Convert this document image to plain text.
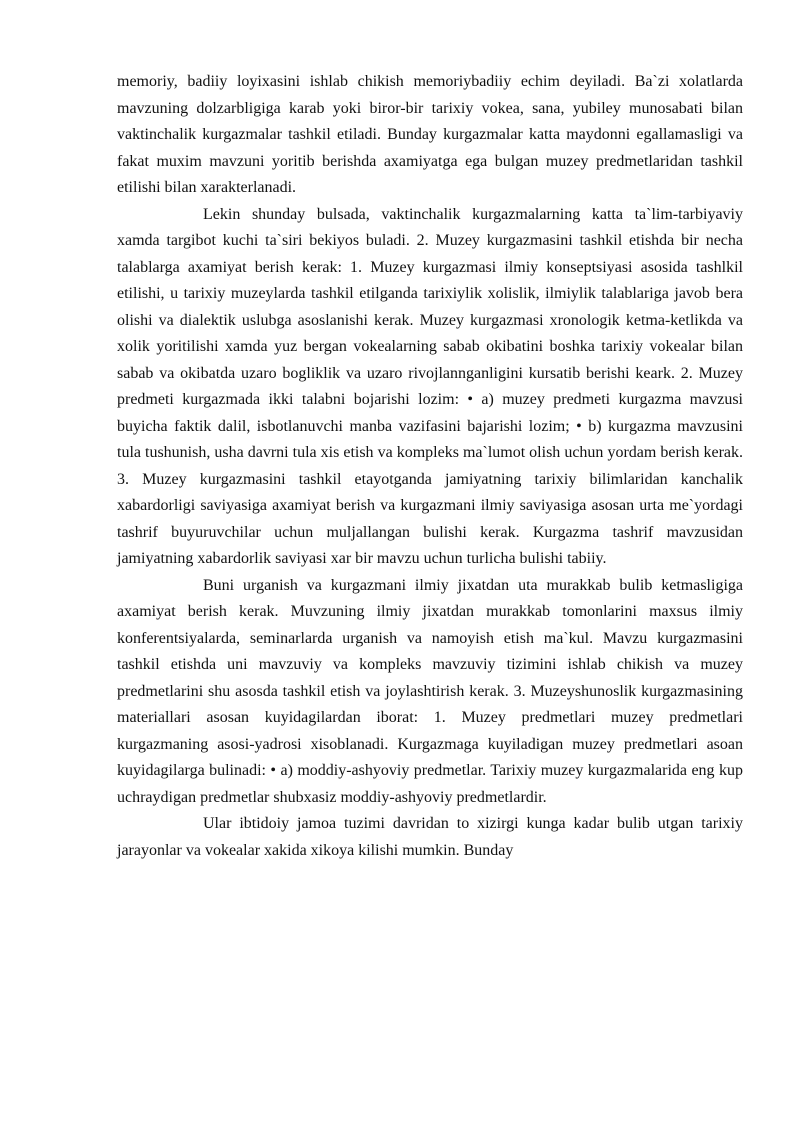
memoriy, badiiy loyixasini ishlab chikish memoriybadiiy echim deyiladi. Ba`zi xolatlarda mavzuning dolzarbligiga karab yoki biror-bir tarixiy vokea, sana, yubiley munosabati bilan vaktinchalik kurgazmalar tashkil etiladi. Bunday kurgazmalar katta maydonni egallamasligi va fakat muxim mavzuni yoritib berishda axamiyatga ega bulgan muzey predmetlaridan tashkil etilishi bilan xarakterlanadi.

Lekin shunday bulsada, vaktinchalik kurgazmalarning katta ta`lim-tarbiyaviy xamda targibot kuchi ta`siri bekiyos buladi. 2. Muzey kurgazmasini tashkil etishda bir necha talablarga axamiyat berish kerak: 1. Muzey kurgazmasi ilmiy konseptsiyasi asosida tashlkil etilishi, u tarixiy muzeylarda tashkil etilganda tarixiylik xolislik, ilmiylik talablariga javob bera olishi va dialektik uslubga asoslanishi kerak. Muzey kurgazmasi xronologik ketma-ketlikda va xolik yoritilishi xamda yuz bergan vokealarning sabab okibatini boshka tarixiy vokealar bilan sabab va okibatda uzaro bogliklik va uzaro rivojlannganligini kursatib berishi keark. 2. Muzey predmeti kurgazmada ikki talabni bojarishi lozim: • a) muzey predmeti kurgazma mavzusi buyicha faktik dalil, isbotlanuvchi manba vazifasini bajarishi lozim; • b) kurgazma mavzusini tula tushunish, usha davrni tula xis etish va kompleks ma`lumot olish uchun yordam berish kerak. 3. Muzey kurgazmasini tashkil etayotganda jamiyatning tarixiy bilimlaridan kanchalik xabardorligi saviyasiga axamiyat berish va kurgazmani ilmiy saviyasiga asosan urta me`yordagi tashrif buyuruvchilar uchun muljallangan bulishi kerak. Kurgazma tashrif mavzusidan jamiyatning xabardorlik saviyasi xar bir mavzu uchun turlicha bulishi tabiiy.

Buni urganish va kurgazmani ilmiy jixatdan uta murakkab bulib ketmasligiga axamiyat berish kerak. Muvzuning ilmiy jixatdan murakkab tomonlarini maxsus ilmiy konferentsiyalarda, seminarlarda urganish va namoyish etish ma`kul. Mavzu kurgazmasini tashkil etishda uni mavzuviy va kompleks mavzuviy tizimini ishlab chikish va muzey predmetlarini shu asosda tashkil etish va joylashtirish kerak. 3. Muzeyshunoslik kurgazmasining materiallari asosan kuyidagilardan iborat: 1. Muzey predmetlari muzey predmetlari kurgazmaning asosi-yadrosi xisoblanadi. Kurgazmaga kuyiladigan muzey predmetlari asoan kuyidagilarga bulinadi: • a) moddiy-ashyoviy predmetlar. Tarixiy muzey kurgazmalarida eng kup uchraydigan predmetlar shubxasiz moddiy-ashyoviy predmetlardir.

Ular ibtidoiy jamoa tuzimi davridan to xizirgi kunga kadar bulib utgan tarixiy jarayonlar va vokealar xakida xikoya kilishi mumkin. Bunday
